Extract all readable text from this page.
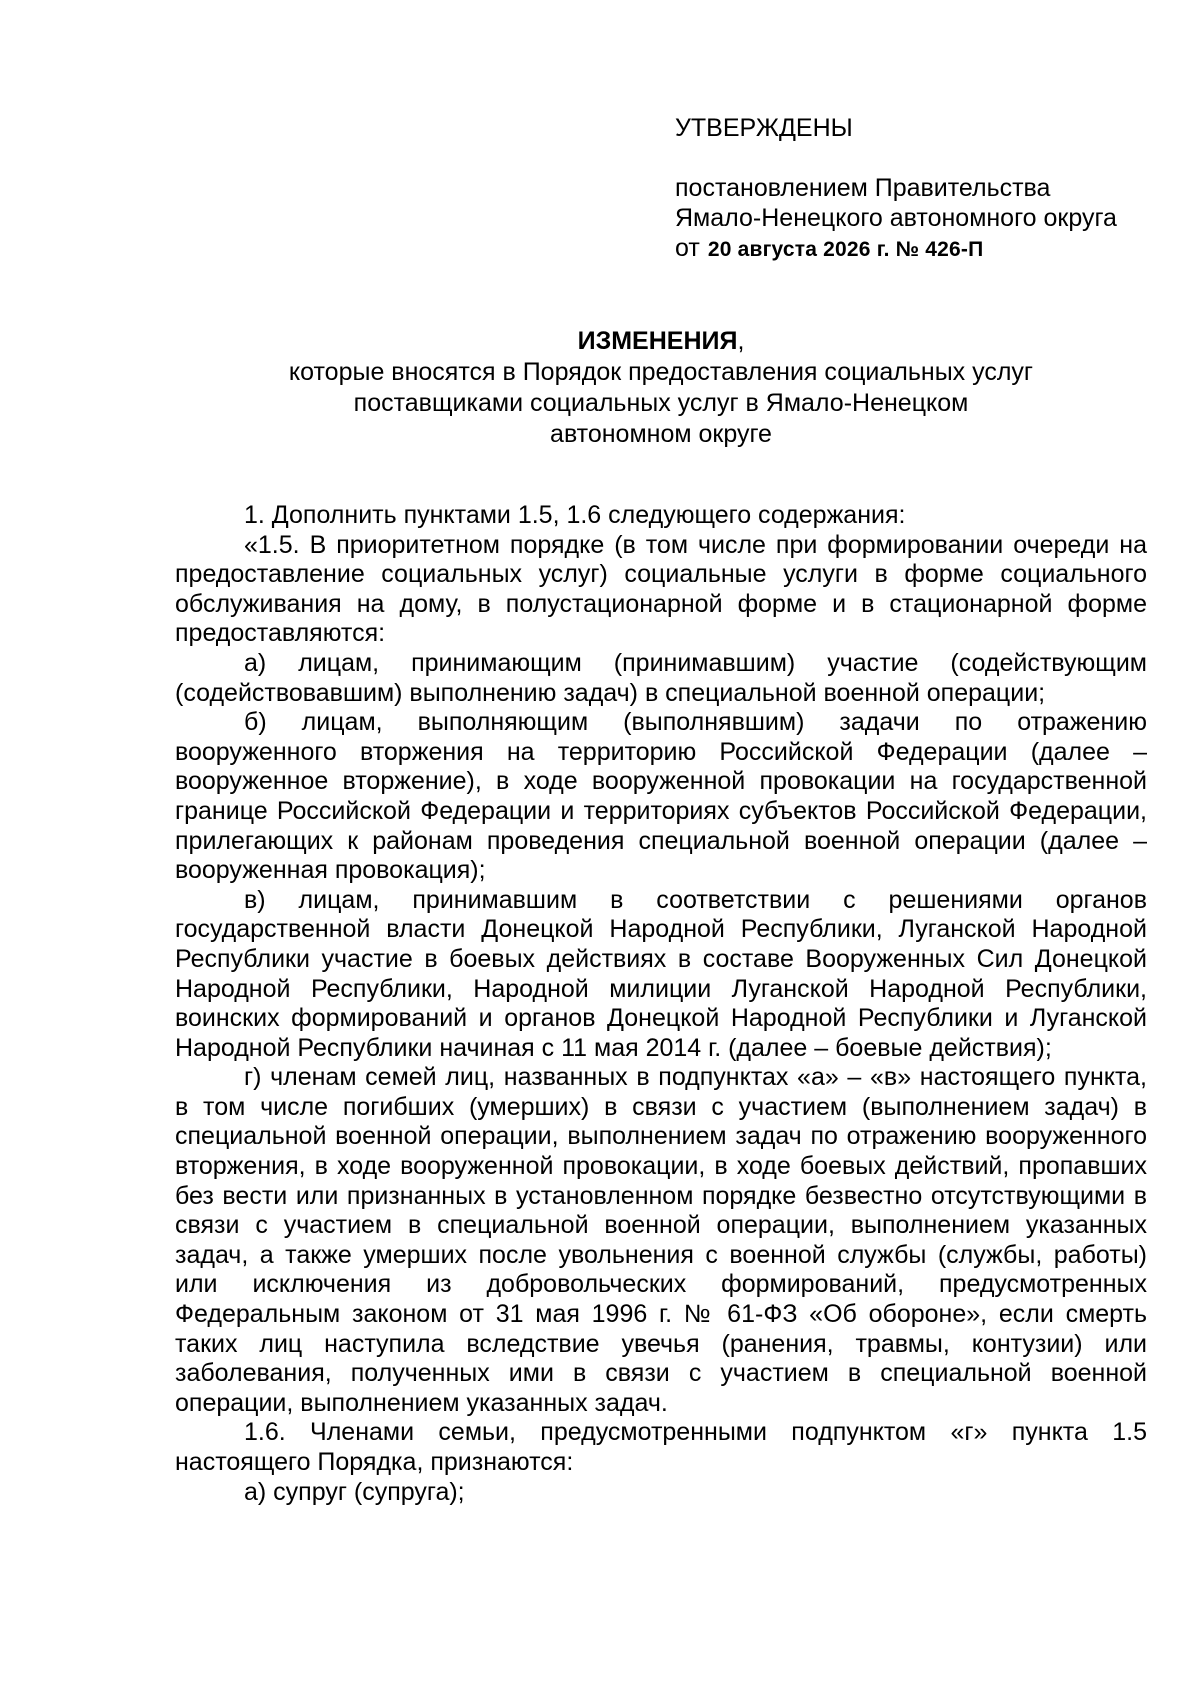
УТВЕРЖДЕНЫ
постановлением Правительства
Ямало-Ненецкого автономного округа
от 20 августа 2026 г. № 426-П
ИЗМЕНЕНИЯ,
которые вносятся в Порядок предоставления социальных услуг
поставщиками социальных услуг в Ямало-Ненецком
автономном округе

1. Дополнить пунктами 1.5, 1.6 следующего содержания:

«1.5. В приоритетном порядке (в том числе при формировании очереди на предоставление социальных услуг) социальные услуги в форме социального обслуживания на дому, в полустационарной форме и в стационарной форме предоставляются:

а) лицам, принимающим (принимавшим) участие (содействующим (содействовавшим) выполнению задач) в специальной военной операции;

б) лицам, выполняющим (выполнявшим) задачи по отражению вооруженного вторжения на территорию Российской Федерации (далее – вооруженное вторжение), в ходе вооруженной провокации на государственной границе Российской Федерации и территориях субъектов Российской Федерации, прилегающих к районам проведения специальной военной операции (далее – вооруженная провокация);

в) лицам, принимавшим в соответствии с решениями органов государственной власти Донецкой Народной Республики, Луганской Народной Республики участие в боевых действиях в составе Вооруженных Сил Донецкой Народной Республики, Народной милиции Луганской Народной Республики, воинских формирований и органов Донецкой Народной Республики и Луганской Народной Республики начиная с 11 мая 2014 г. (далее – боевые действия);

г) членам семей лиц, названных в подпунктах «а» – «в» настоящего пункта, в том числе погибших (умерших) в связи с участием (выполнением задач) в специальной военной операции, выполнением задач по отражению вооруженного вторжения, в ходе вооруженной провокации, в ходе боевых действий, пропавших без вести или признанных в установленном порядке безвестно отсутствующими в связи с участием в специальной военной операции, выполнением указанных задач, а также умерших после увольнения с военной службы (службы, работы) или исключения из добровольческих формирований, предусмотренных Федеральным законом от 31 мая 1996 г. № 61-ФЗ «Об обороне», если смерть таких лиц наступила вследствие увечья (ранения, травмы, контузии) или заболевания, полученных ими в связи с участием в специальной военной операции, выполнением указанных задач.

1.6. Членами семьи, предусмотренными подпунктом «г» пункта 1.5 настоящего Порядка, признаются:

а) супруг (супруга);
